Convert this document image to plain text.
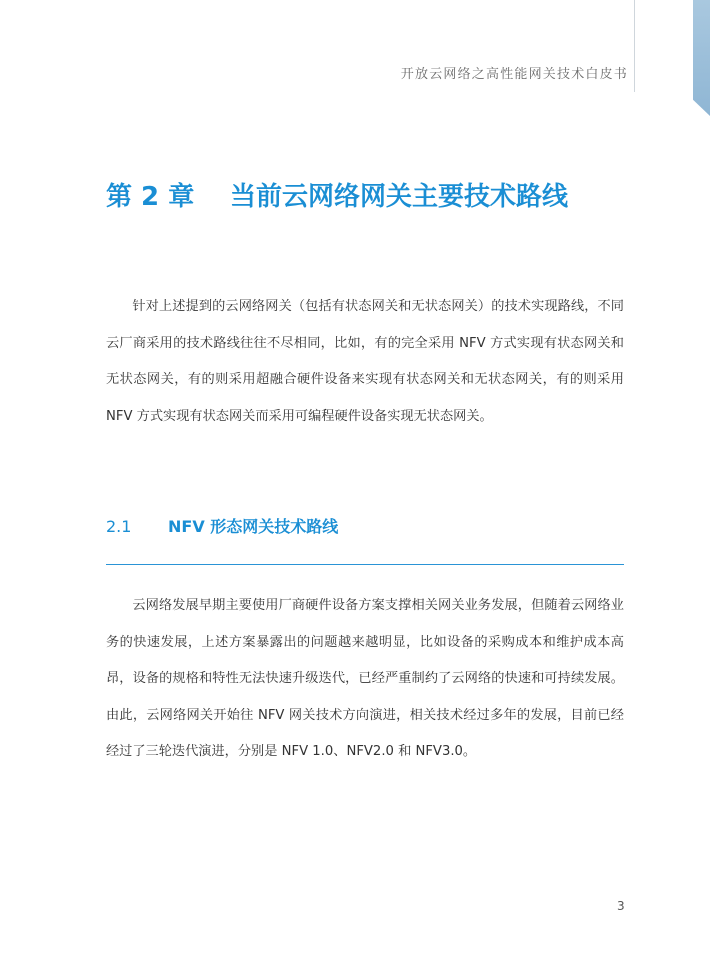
开放云网络之高性能网关技术白皮书
第 2 章 当前云网络网关主要技术路线

针对上述提到的云网络网关（包括有状态网关和无状态网关）的技术实现路线，不同云厂商采用的技术路线往往不尽相同，比如，有的完全采用 NFV 方式实现有状态网关和无状态网关，有的则采用超融合硬件设备来实现有状态网关和无状态网关，有的则采用 NFV 方式实现有状态网关而采用可编程硬件设备实现无状态网关。

2.1 NFV 形态网关技术路线

云网络发展早期主要使用厂商硬件设备方案支撑相关网关业务发展，但随着云网络业务的快速发展，上述方案暴露出的问题越来越明显，比如设备的采购成本和维护成本高昂，设备的规格和特性无法快速升级迭代，已经严重制约了云网络的快速和可持续发展。由此，云网络网关开始往 NFV 网关技术方向演进，相关技术经过多年的发展，目前已经经过了三轮迭代演进，分别是 NFV 1.0、NFV2.0 和 NFV3.0。

3
